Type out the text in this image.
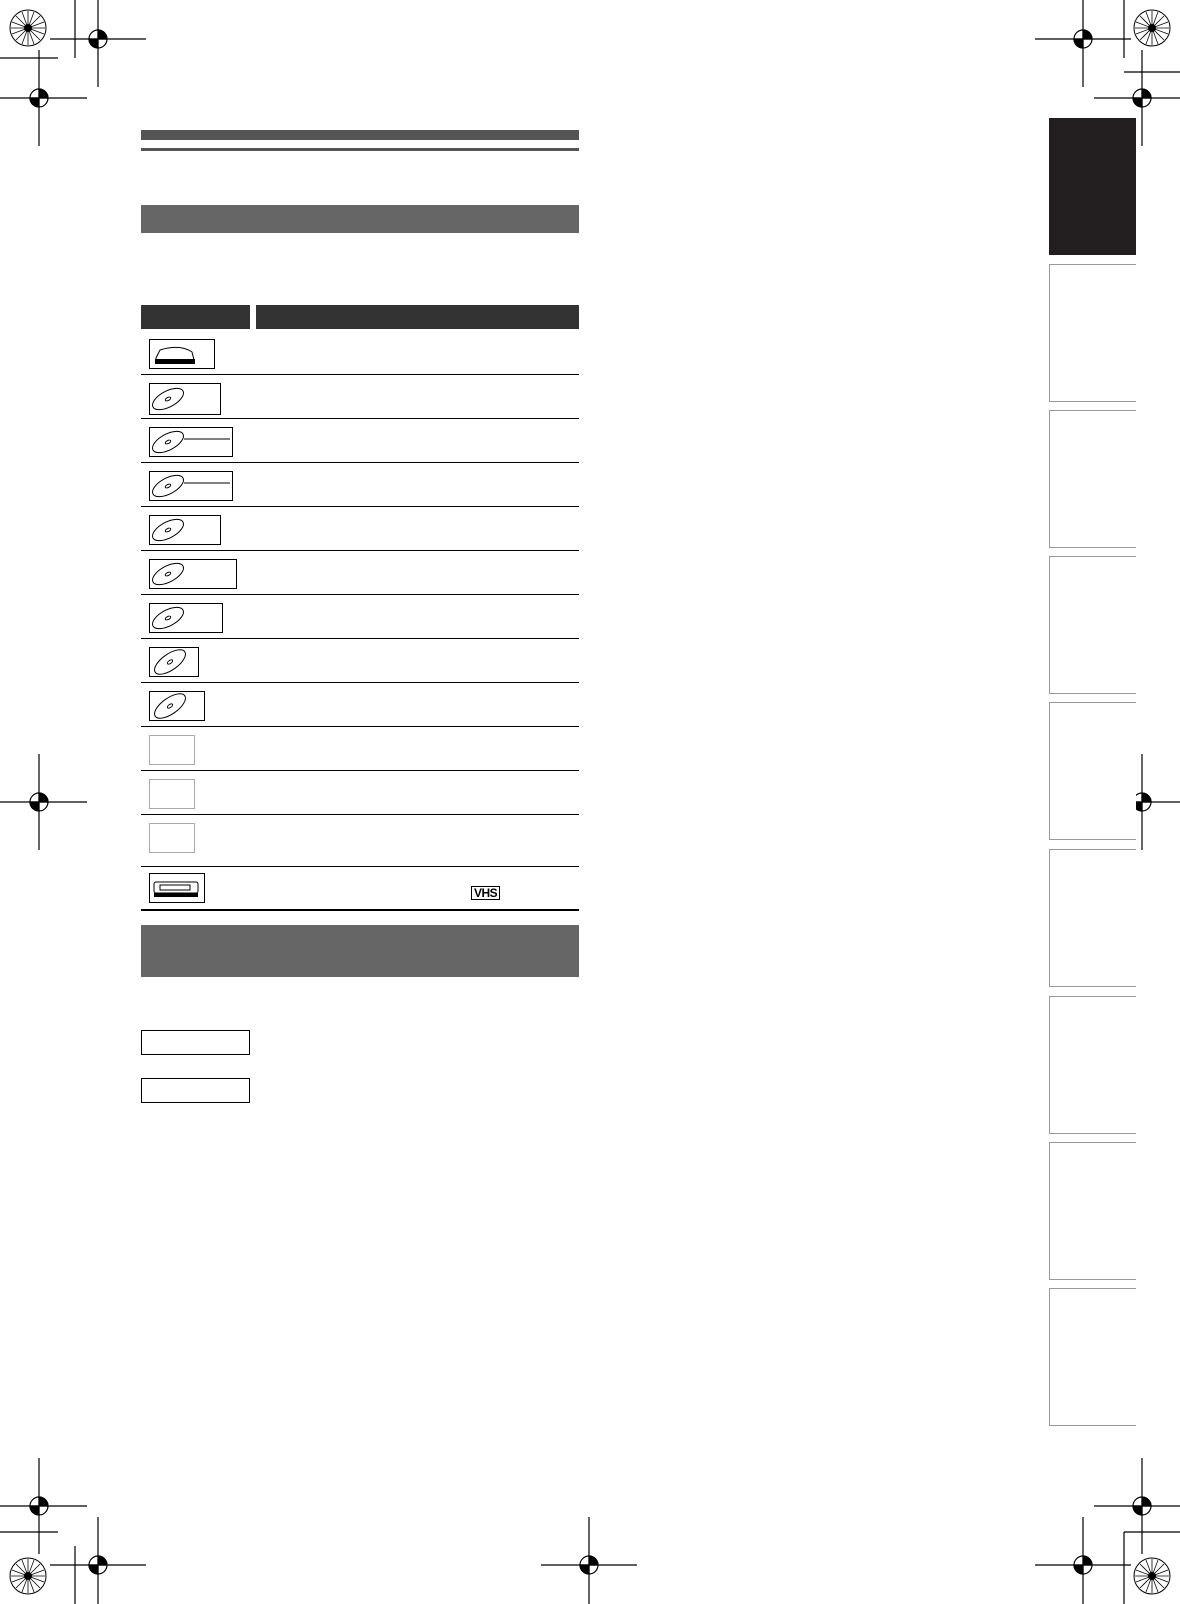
VHS
